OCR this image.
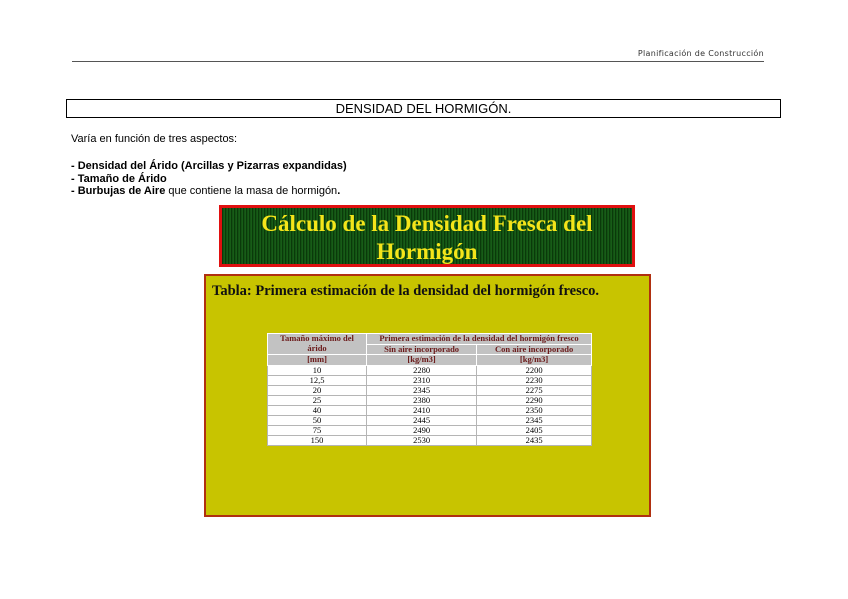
Planificación de Construcción
DENSIDAD DEL HORMIGÓN.
Varía en función de tres aspectos:
- Densidad del Árido (Arcillas y Pizarras expandidas)
- Tamaño de Árido
- Burbujas de Aire que contiene la masa de hormigón.
Cálculo de la Densidad Fresca del
Hormigón
Tabla: Primera estimación de la densidad del hormigón fresco.
Tamaño máximo del árido	Primera estimación de la densidad del hormigón fresco	
	Sin aire incorporado	Con aire incorporado
[mm]	[kg/m3]	[kg/m3]
10	2280	2200
12,5	2310	2230
20	2345	2275
25	2380	2290
40	2410	2350
50	2445	2345
75	2490	2405
150	2530	2435
